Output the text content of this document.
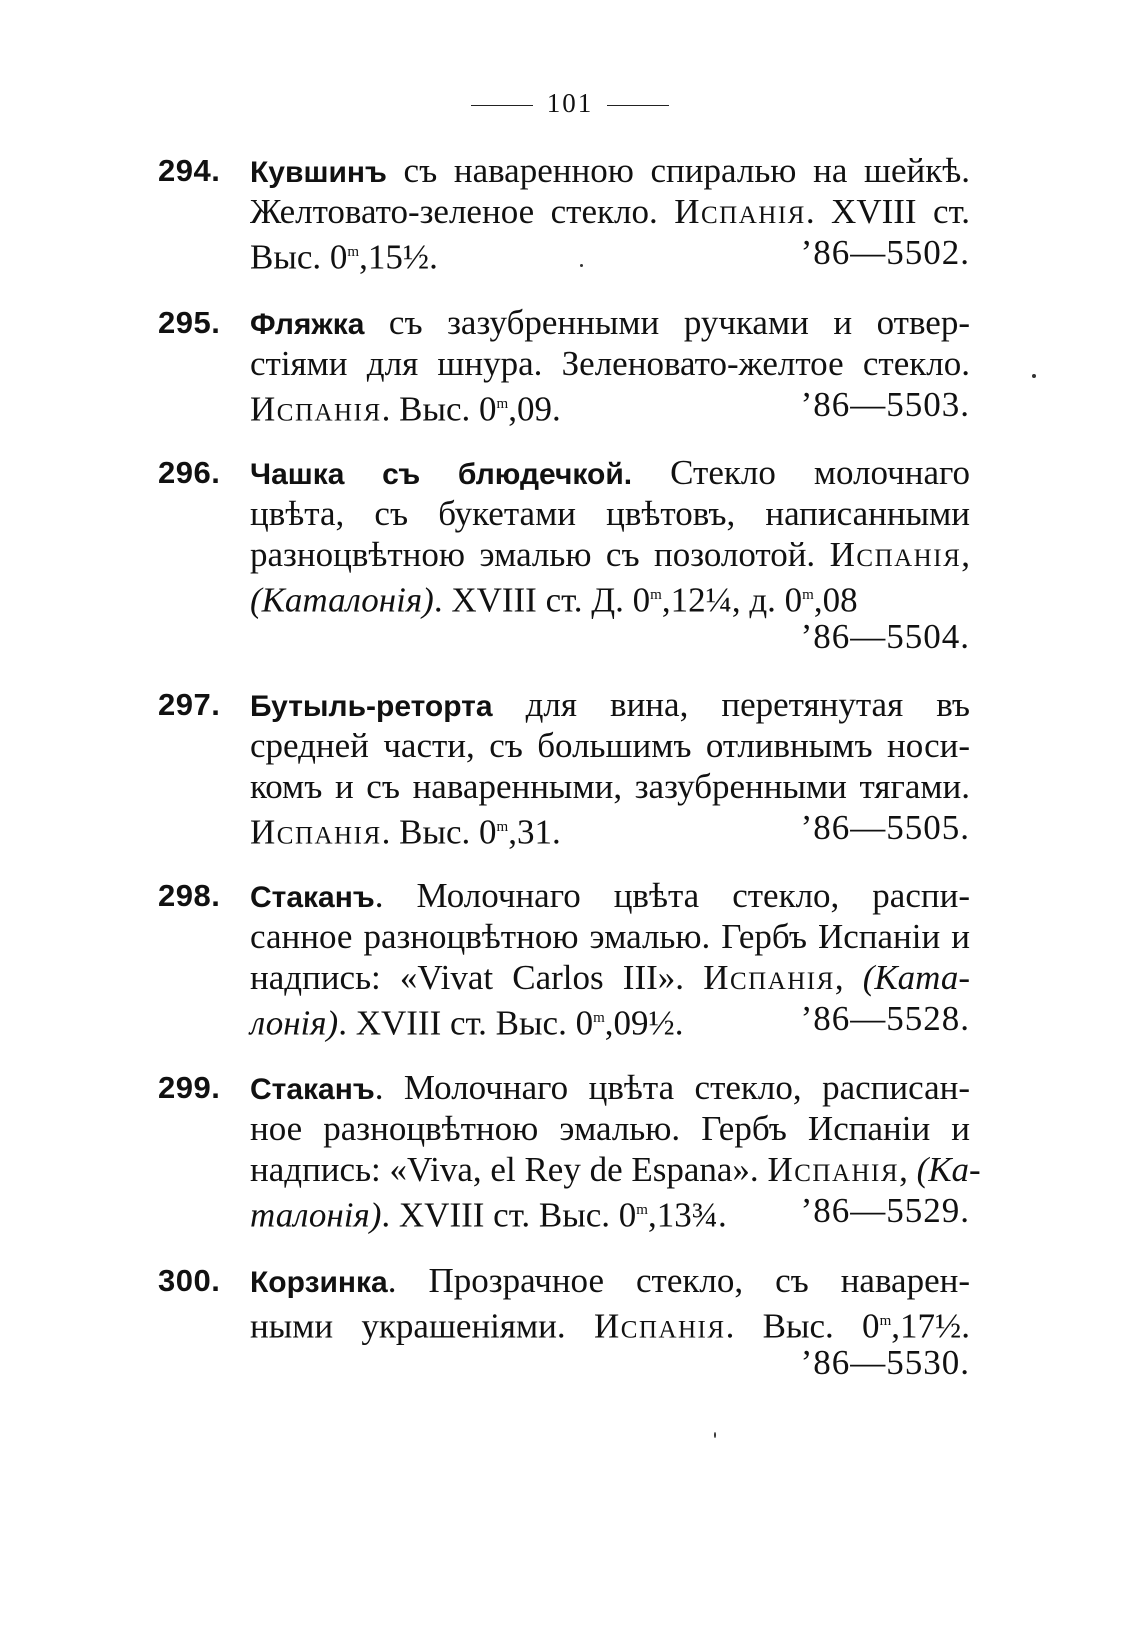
101
294. Кувшинъ съ наваренною спиралью на шейкѣ.
Желтовато-зеленое стекло. Испанія. XVIII ст.
Выс. 0$^m$,15½.	’86—5502.
295. Фляжка съ зазубренными ручками и отвер-
стіями для шнура. Зеленовато-желтое стекло.
Испанія. Выс. 0$^m$,09.	’86—5503.
296. Чашка съ блюдечкой. Стекло молочнаго
цвѣта, съ букетами цвѣтовъ, написанными
разноцвѣтною эмалью съ позолотой. Испанія,
(Каталонія). XVIII ст. Д. 0$^m$,12¼, д. 0$^m$,08
’86—5504.
297. Бутыль-реторта для вина, перетянутая въ
средней части, съ большимъ отливнымъ носи-
комъ и съ наваренными, зазубренными тягами.
Испанія. Выс. 0$^m$,31.	’86—5505.
298. Стаканъ. Молочнаго цвѣта стекло, распи-
санное разноцвѣтною эмалью. Гербъ Испаніи и
надпись: «Vivat Carlos III». Испанія, (Ката-
лонія). XVIII ст. Выс. 0$^m$,09½.	’86—5528.
299. Стаканъ. Молочнаго цвѣта стекло, расписан-
ное разноцвѣтною эмалью. Гербъ Испаніи и
надпись: «Viva, el Rey de Espana». Испанія, (Ка-
талонія). XVIII ст. Выс. 0$^m$,13¾. ’86—5529.
300. Корзинка. Прозрачное стекло, съ наварен-
ными украшеніями. Испанія. Выс. 0$^m$,17½.
’86—5530.
